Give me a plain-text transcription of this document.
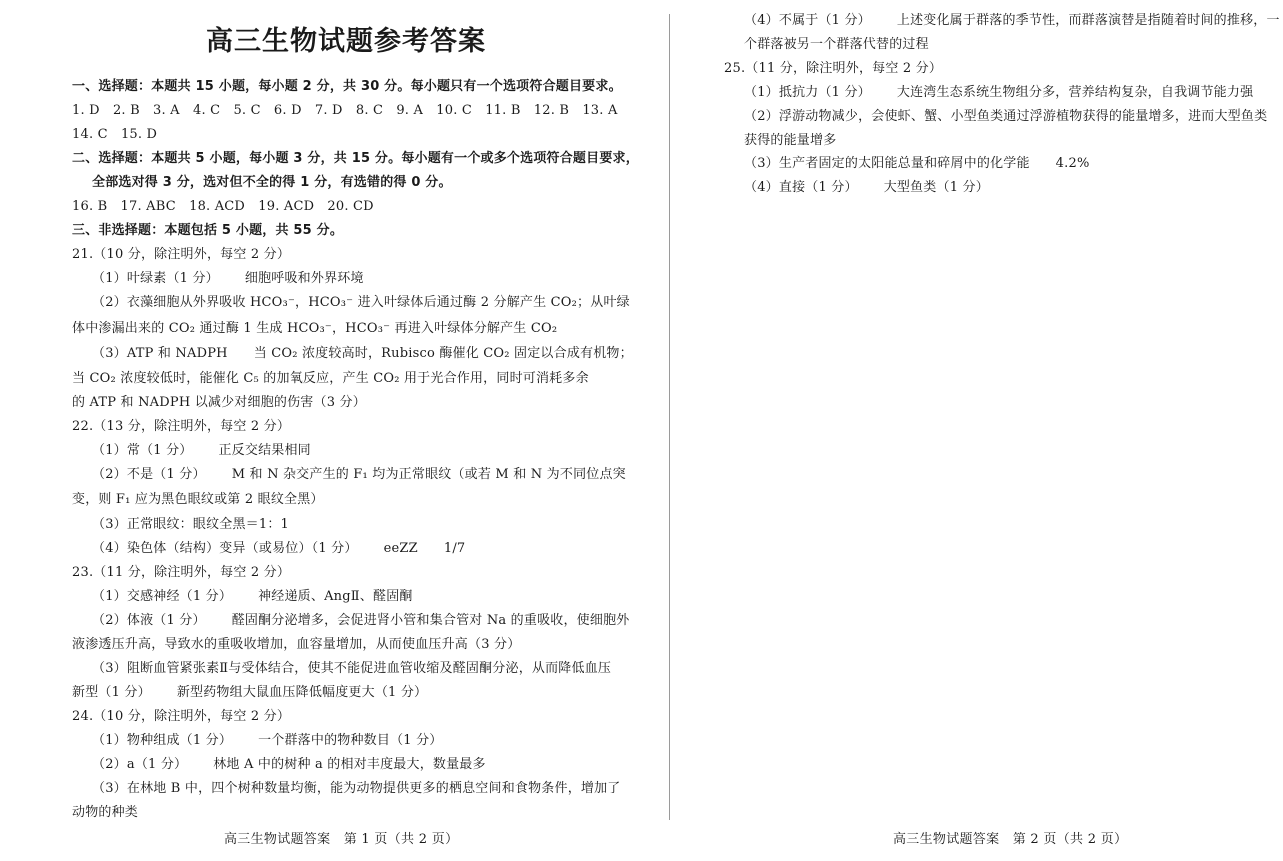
高三生物试题参考答案
一、选择题：本题共 15 小题，每小题 2 分，共 30 分。每小题只有一个选项符合题目要求。
1. D　2. B　3. A　4. C　5. C　6. D　7. D　8. C　9. A　10. C　11. B　12. B　13. A
14. C　15. D
二、选择题：本题共 5 小题，每小题 3 分，共 15 分。每小题有一个或多个选项符合题目要求，
全部选对得 3 分，选对但不全的得 1 分，有选错的得 0 分。
16. B　17. ABC　18. ACD　19. ACD　20. CD
三、非选择题：本题包括 5 小题，共 55 分。
21.（10 分，除注明外，每空 2 分）
（1）叶绿素（1 分） 细胞呼吸和外界环境
（2）衣藻细胞从外界吸收 HCO₃⁻，HCO₃⁻ 进入叶绿体后通过酶 2 分解产生 CO₂；从叶绿
体中渗漏出来的 CO₂ 通过酶 1 生成 HCO₃⁻，HCO₃⁻ 再进入叶绿体分解产生 CO₂
（3）ATP 和 NADPH 当 CO₂ 浓度较高时，Rubisco 酶催化 CO₂ 固定以合成有机物；
当 CO₂ 浓度较低时，能催化 C₅ 的加氧反应，产生 CO₂ 用于光合作用，同时可消耗多余
的 ATP 和 NADPH 以减少对细胞的伤害（3 分）
22.（13 分，除注明外，每空 2 分）
（1）常（1 分） 正反交结果相同
（2）不是（1 分） M 和 N 杂交产生的 F₁ 均为正常眼纹（或若 M 和 N 为不同位点突
变，则 F₁ 应为黑色眼纹或第 2 眼纹全黑）
（3）正常眼纹：眼纹全黑＝1：1
（4）染色体（结构）变异（或易位）（1 分） eeZZ 1/7
23.（11 分，除注明外，每空 2 分）
（1）交感神经（1 分） 神经递质、AngⅡ、醛固酮
（2）体液（1 分） 醛固酮分泌增多，会促进肾小管和集合管对 Na 的重吸收，使细胞外
液渗透压升高，导致水的重吸收增加，血容量增加，从而使血压升高（3 分）
（3）阻断血管紧张素Ⅱ与受体结合，使其不能促进血管收缩及醛固酮分泌，从而降低血压
新型（1 分） 新型药物组大鼠血压降低幅度更大（1 分）
24.（10 分，除注明外，每空 2 分）
（1）物种组成（1 分） 一个群落中的物种数目（1 分）
（2）a（1 分） 林地 A 中的树种 a 的相对丰度最大，数量最多
（3）在林地 B 中，四个树种数量均衡，能为动物提供更多的栖息空间和食物条件，增加了
动物的种类
（4）不属于（1 分） 上述变化属于群落的季节性，而群落演替是指随着时间的推移，一
个群落被另一个群落代替的过程
25.（11 分，除注明外，每空 2 分）
（1）抵抗力（1 分） 大连湾生态系统生物组分多，营养结构复杂，自我调节能力强
（2）浮游动物减少，会使虾、蟹、小型鱼类通过浮游植物获得的能量增多，进而大型鱼类
获得的能量增多
（3）生产者固定的太阳能总量和碎屑中的化学能 4.2%
（4）直接（1 分） 大型鱼类（1 分）
高三生物试题答案　第 1 页（共 2 页）	高三生物试题答案　第 2 页（共 2 页）
